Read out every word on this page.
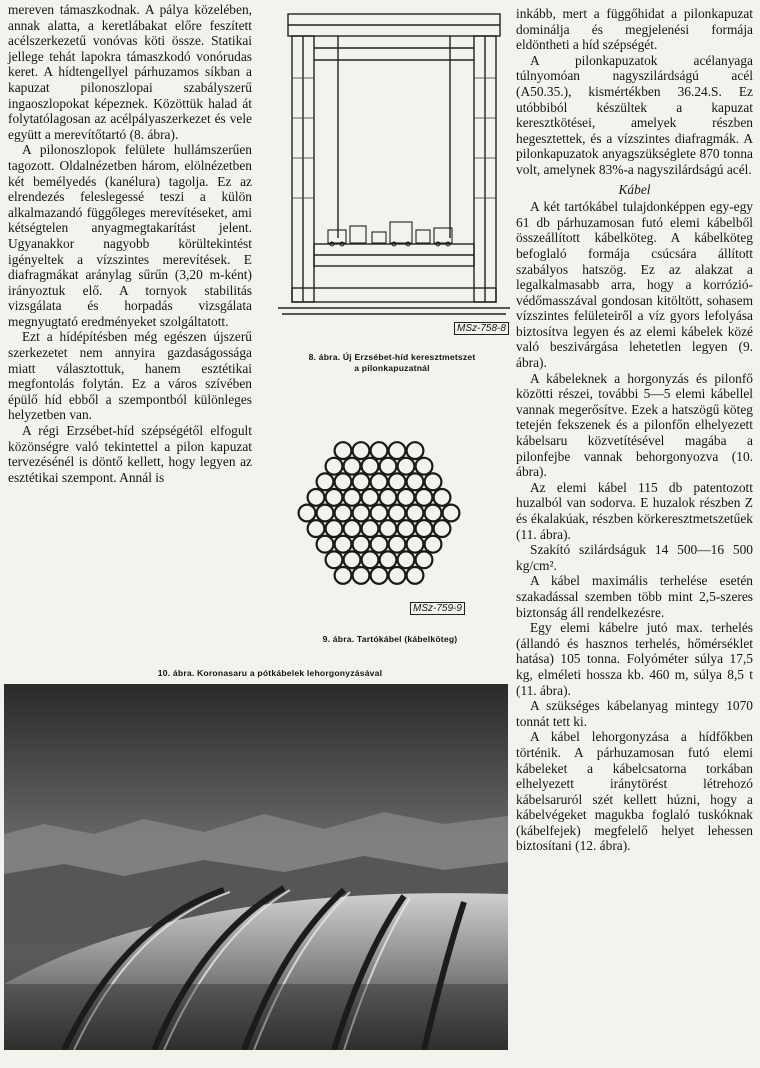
mereven támaszkodnak. A pálya közelében, annak alatta, a keretlábakat előre feszített acélszerkezetű vonóvas köti össze. Statikai jellege tehát lapokra támaszkodó vonórudas keret. A hídtengellyel párhuzamos síkban a kapuzat pilonoszlopai szabályszerű ingaoszlopokat képeznek. Közöttük halad át folytatólagosan az acélpályaszerkezet és vele együtt a merevítőtartó (8. ábra).

A pilonoszlopok felülete hullámszerűen tagozott. Oldalnézetben három, elölnézetben két bemélyedés (kanélura) tagolja. Ez az elrendezés feleslegessé teszi a külön alkalmazandó függőleges merevítéseket, ami kétségtelen anyagmegtakarítást jelent. Ugyanakkor nagyobb körültekintést igényeltek a vízszintes merevítések. E diafragmákat aránylag sűrűn (3,20 m-ként) irányoztuk elő. A tornyok stabilitás vizsgálata és horpadás vizsgálata megnyugtató eredményeket szolgáltatott.

Ezt a hídépítésben még egészen újszerű szerkezetet nem annyira gazdaságossága miatt választottuk, hanem esztétikai megfontolás folytán. Ez a város szívében épülő híd ebből a szempontból különleges helyzetben van.

A régi Erzsébet-híd szépségétől elfogult közönségre való tekintettel a pilon kapuzat tervezésénél is döntő kellett, hogy legyen az esztétikai szempont. Annál is

MSz-758-8
8. ábra. Új Erzsébet-híd keresztmetszet
a pilonkapuzatnál
MSz-759-9
9. ábra. Tartókábel (kábelköteg)
10. ábra. Koronasaru a pótkábelek lehorgonyzásával

inkább, mert a függőhidat a pilonkapuzat dominálja és megjelenési formája eldöntheti a híd szépségét.

A pilonkapuzatok acélanyaga túlnyomóan nagyszilárdságú acél (A50.35.), kismértékben 36.24.S. Ez utóbbiból készültek a kapuzat keresztkötései, amelyek részben hegesztettek, és a vízszintes diafragmák. A pilonkapuzatok anyagszükséglete 870 tonna volt, amelynek 83%-a nagyszilárdságú acél.

Kábel

A két tartókábel tulajdonképpen egy-egy 61 db párhuzamosan futó elemi kábelből összeállított kábelköteg. A kábelköteg befoglaló formája csúcsára állított szabályos hatszög. Ez az alakzat a legalkalmasabb arra, hogy a korrózió-védőmasszával gondosan kitöltött, sohasem vízszintes felületeiről a víz gyors lefolyása biztosítva legyen és az elemi kábelek közé való beszivárgása lehetetlen legyen (9. ábra).

A kábeleknek a horgonyzás és pilonfő közötti részei, további 5—5 elemi kábellel vannak megerősítve. Ezek a hatszögű köteg tetején fekszenek és a pilonfőn elhelyezett kábelsaru közvetítésével magába a pilonfejbe vannak behorgonyozva (10. ábra).

Az elemi kábel 115 db patentozott huzalból van sodorva. E huzalok részben Z és ékalakúak, részben körkeresztmetszetűek (11. ábra).

Szakító szilárdságuk 14 500—16 500 kg/cm².

A kábel maximális terhelése esetén szakadással szemben több mint 2,5-szeres biztonság áll rendelkezésre.

Egy elemi kábelre jutó max. terhelés (állandó és hasznos terhelés, hőmérséklet hatása) 105 tonna. Folyóméter súlya 17,5 kg, elméleti hossza kb. 460 m, súlya 8,5 t (11. ábra).

A szükséges kábelanyag mintegy 1070 tonnát tett ki.

A kábel lehorgonyzása a hídfőkben történik. A párhuzamosan futó elemi kábeleket a kábelcsatorna torkában elhelyezett iránytörést létrehozó kábelsaruról szét kellett húzni, hogy a kábelvégeket magukba foglaló tuskóknak (kábelfejek) megfelelő helyet lehessen biztosítani (12. ábra).
